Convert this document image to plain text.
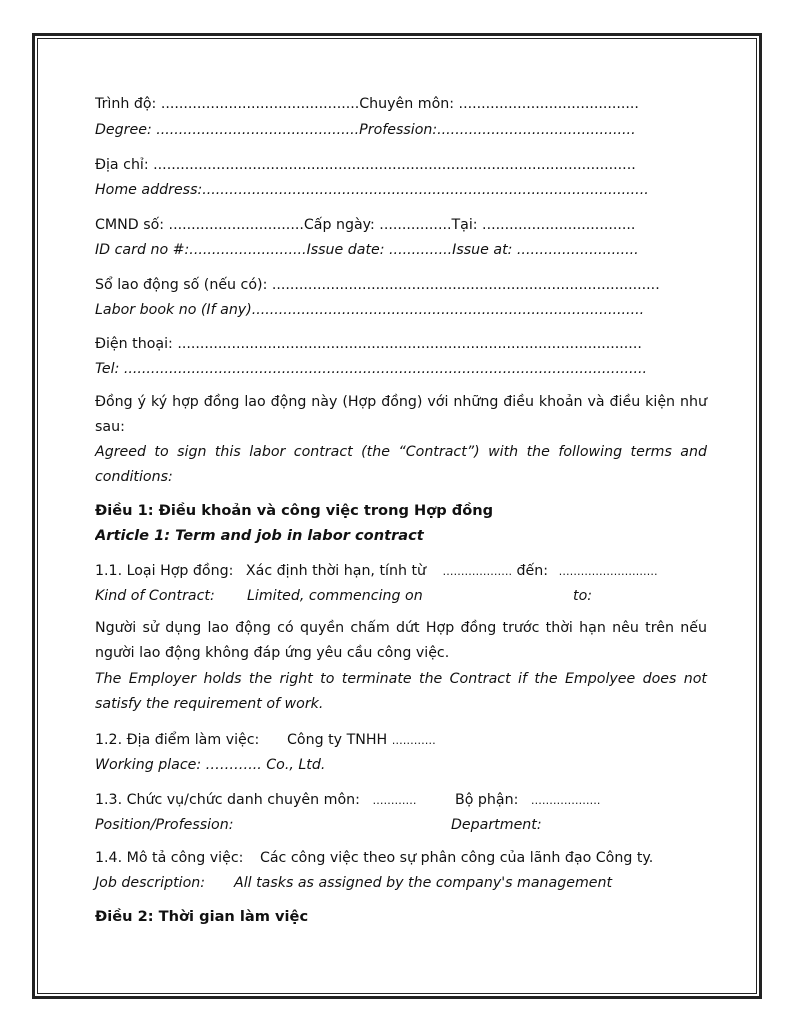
Trình độ: ............................................Chuyên môn: ........................................
Degree: .............................................Profession:............................................
Địa chỉ: ...........................................................................................................
Home address:...................................................................................................
CMND số: ..............................Cấp ngày: ................Tại: ..................................
ID card no #:..........................Issue date: ..............Issue at: ...........................
Sổ lao động số (nếu có): ......................................................................................
Labor book no (If any).......................................................................................
Điện thoại: .......................................................................................................
Tel: ....................................................................................................................
Đồng ý ký hợp đồng lao động này (Hợp đồng) với những điều khoản và điều kiện như sau:
Agreed to sign this labor contract (the “Contract”) with the following terms and conditions:
Điều 1: Điều khoản và công việc trong Hợp đồng
Article 1: Term and job in labor contract
1.1. Loại Hợp đồng: Xác định thời hạn, tính từ ………………. đến: ………………………
Kind of Contract: Limited, commencing on	to:
Người sử dụng lao động có quyền chấm dứt Hợp đồng trước thời hạn nêu trên nếu người lao động không đáp ứng yêu cầu công việc.
The Employer holds the right to terminate the Contract if the Empolyee does not satisfy the requirement of work.
1.2. Địa điểm làm việc: Công ty TNHH …………
Working place: ………... Co., Ltd.
1.3. Chức vụ/chức danh chuyên môn: …………	Bộ phận: ……………….
Position/Profession:	Department:
1.4. Mô tả công việc: Các công việc theo sự phân công của lãnh đạo Công ty.
Job description: All tasks as assigned by the company's management
Điều 2: Thời gian làm việc
